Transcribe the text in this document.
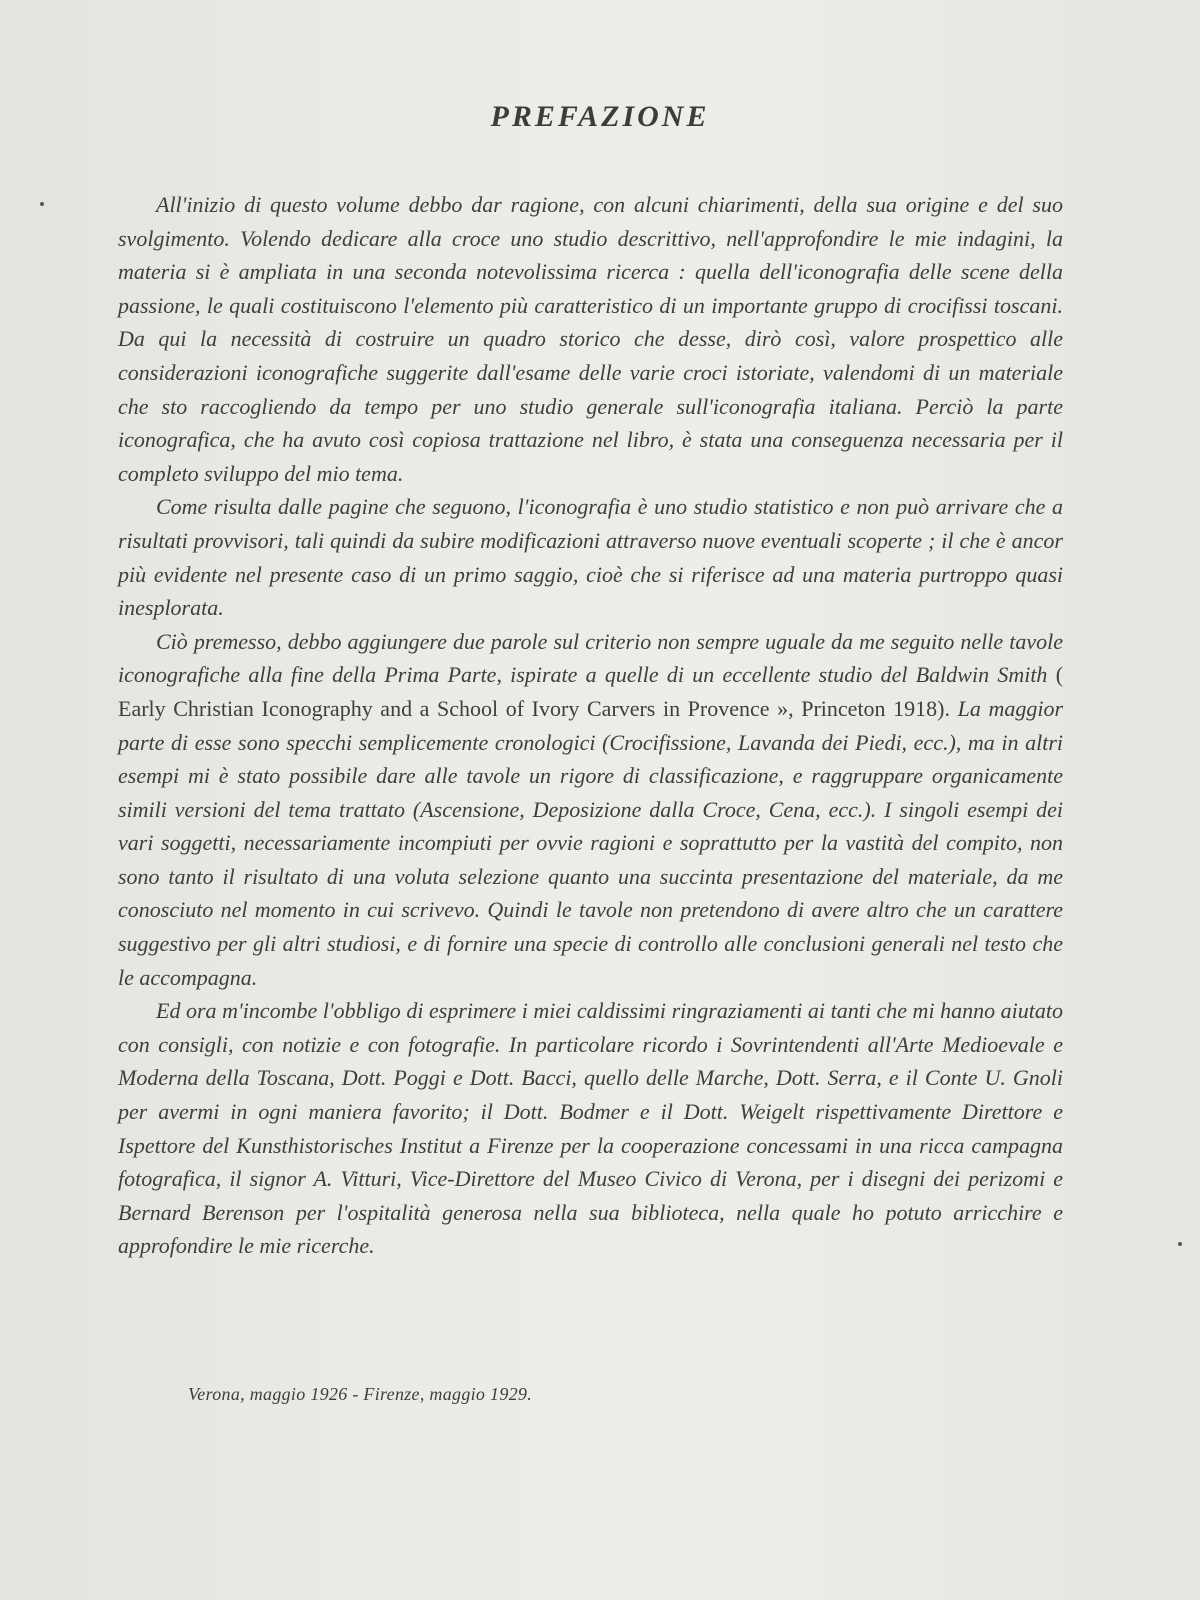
PREFAZIONE

All'inizio di questo volume debbo dar ragione, con alcuni chiarimenti, della sua origine e del suo svolgimento. Volendo dedicare alla croce uno studio descrittivo, nell'approfondire le mie indagini, la materia si è ampliata in una seconda notevolissima ricerca : quella dell'iconografia delle scene della passione, le quali costituiscono l'elemento più caratteristico di un importante gruppo di crocifissi toscani. Da qui la necessità di costruire un quadro storico che desse, dirò così, valore prospettico alle considerazioni iconografiche suggerite dall'esame delle varie croci istoriate, valendomi di un materiale che sto raccogliendo da tempo per uno studio generale sull'iconografia italiana. Perciò la parte iconografica, che ha avuto così copiosa trattazione nel libro, è stata una conseguenza necessaria per il completo sviluppo del mio tema.

Come risulta dalle pagine che seguono, l'iconografia è uno studio statistico e non può arrivare che a risultati provvisori, tali quindi da subire modificazioni attraverso nuove eventuali scoperte ; il che è ancor più evidente nel presente caso di un primo saggio, cioè che si riferisce ad una materia purtroppo quasi inesplorata.

Ciò premesso, debbo aggiungere due parole sul criterio non sempre uguale da me seguito nelle tavole iconografiche alla fine della Prima Parte, ispirate a quelle di un eccellente studio del Baldwin Smith ( Early Christian Iconography and a School of Ivory Carvers in Provence », Princeton 1918). La maggior parte di esse sono specchi semplicemente cronologici (Crocifissione, Lavanda dei Piedi, ecc.), ma in altri esempi mi è stato possibile dare alle tavole un rigore di classificazione, e raggruppare organicamente simili versioni del tema trattato (Ascensione, Deposizione dalla Croce, Cena, ecc.). I singoli esempi dei vari soggetti, necessariamente incompiuti per ovvie ragioni e soprattutto per la vastità del compito, non sono tanto il risultato di una voluta selezione quanto una succinta presentazione del materiale, da me conosciuto nel momento in cui scrivevo. Quindi le tavole non pretendono di avere altro che un carattere suggestivo per gli altri studiosi, e di fornire una specie di controllo alle conclusioni generali nel testo che le accompagna.

Ed ora m'incombe l'obbligo di esprimere i miei caldissimi ringraziamenti ai tanti che mi hanno aiutato con consigli, con notizie e con fotografie. In particolare ricordo i Sovrintendenti all'Arte Medioevale e Moderna della Toscana, Dott. Poggi e Dott. Bacci, quello delle Marche, Dott. Serra, e il Conte U. Gnoli per avermi in ogni maniera favorito; il Dott. Bodmer e il Dott. Weigelt rispettivamente Direttore e Ispettore del Kunsthistorisches Institut a Firenze per la cooperazione concessami in una ricca campagna fotografica, il signor A. Vitturi, Vice-Direttore del Museo Civico di Verona, per i disegni dei perizomi e Bernard Berenson per l'ospitalità generosa nella sua biblioteca, nella quale ho potuto arricchire e approfondire le mie ricerche.

Verona, maggio 1926 - Firenze, maggio 1929.
